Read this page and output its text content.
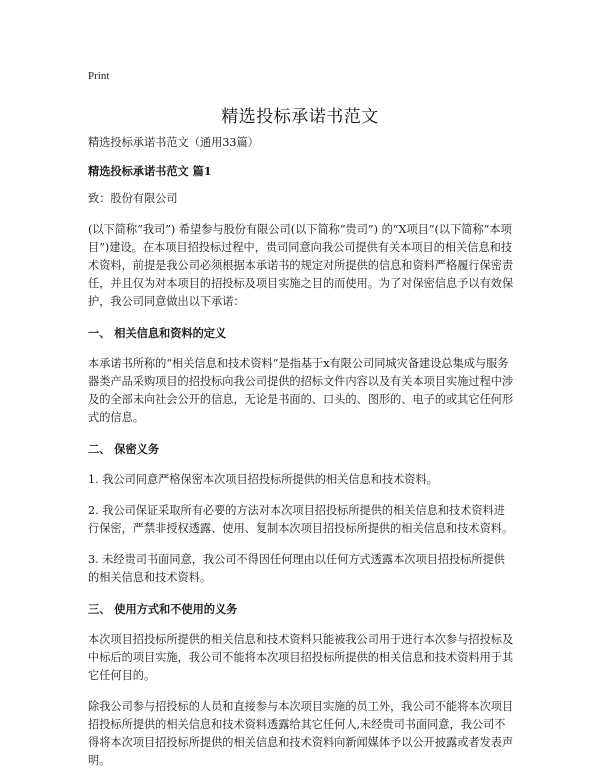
Print
精选投标承诺书范文

精选投标承诺书范文（通用33篇）

精选投标承诺书范文 篇1

致：股份有限公司

(以下简称“我司”) 希望参与股份有限公司(以下简称“贵司”) 的“X项目”(以下简称“本项目”)建设。在本项目招投标过程中，贵司同意向我公司提供有关本项目的相关信息和技术资料，前提是我公司必须根据本承诺书的规定对所提供的信息和资料严格履行保密责任，并且仅为对本项目的招投标及项目实施之目的而使用。为了对保密信息予以有效保护，我公司同意做出以下承诺：

一、 相关信息和资料的定义

本承诺书所称的“相关信息和技术资料”是指基于x有限公司同城灾备建设总集成与服务器类产品采购项目的招投标向我公司提供的招标文件内容以及有关本项目实施过程中涉及的全部未向社会公开的信息，无论是书面的、口头的、图形的、电子的或其它任何形式的信息。

二、 保密义务

1. 我公司同意严格保密本次项目招投标所提供的相关信息和技术资料。

2. 我公司保证采取所有必要的方法对本次项目招投标所提供的相关信息和技术资料进行保密，严禁非授权透露、使用、复制本次项目招投标所提供的相关信息和技术资料。

3. 未经贵司书面同意，我公司不得因任何理由以任何方式透露本次项目招投标所提供的相关信息和技术资料。

三、 使用方式和不使用的义务

本次项目招投标所提供的相关信息和技术资料只能被我公司用于进行本次参与招投标及中标后的项目实施，我公司不能将本次项目招投标所提供的相关信息和技术资料用于其它任何目的。

除我公司参与招投标的人员和直接参与本次项目实施的员工外，我公司不能将本次项目招投标所提供的相关信息和技术资料透露给其它任何人,未经贵司书面同意，我公司不得将本次项目招投标所提供的相关信息和技术资料向新闻媒体予以公开披露或者发表声明。
